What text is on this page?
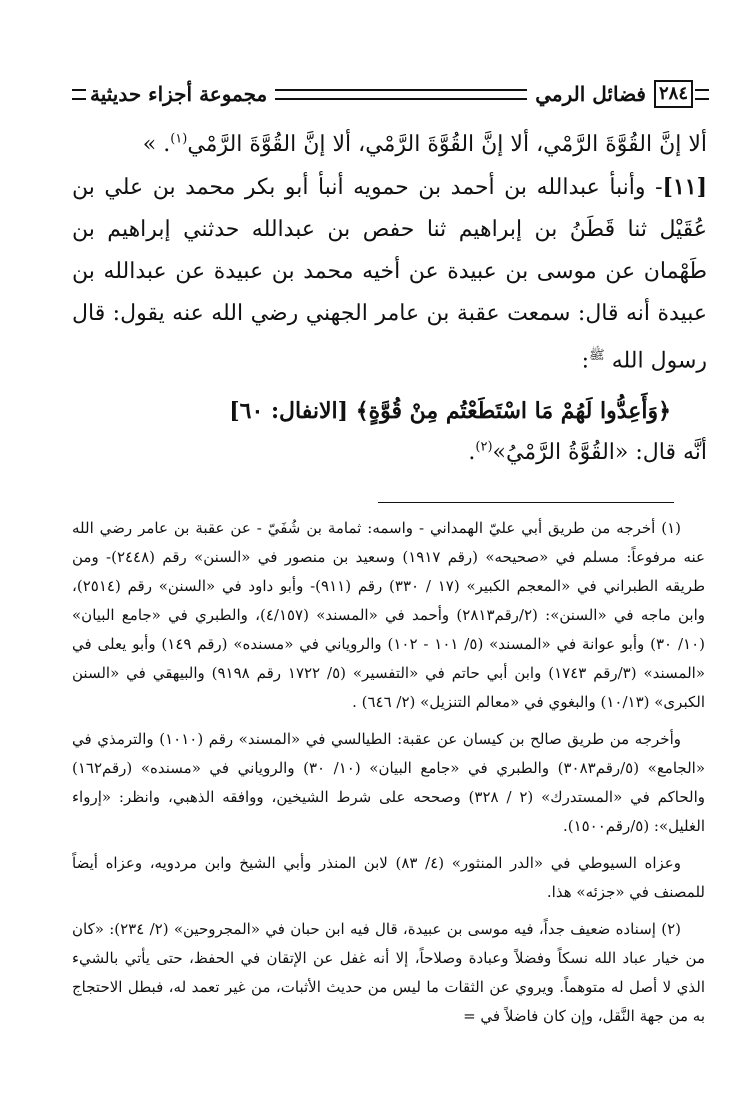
٢٨٤
فضائل الرمي
مجموعة أجزاء حديثية

ألا إنَّ القُوَّةَ الرَّمْي، ألا إنَّ القُوَّةَ الرَّمْي، ألا إنَّ القُوَّةَ الرَّمْي$^{(١)}$. »

[١١]- وأنبأ عبدالله بن أحمد بن حمويه أنبأ أبو بكر محمد بن علي بن عُقَيْل ثنا قَطَنُ بن إبراهيم ثنا حفص بن عبدالله حدثني إبراهيم بن طَهْمان عن موسى بن عبيدة عن أخيه محمد بن عبيدة عن عبدالله بن عبيدة أنه قال: سمعت عقبة بن عامر الجهني رضي الله عنه يقول: قال رسول الله $^ﷺ$:

﴿وَأَعِدُّوا لَهُمْ مَا اسْتَطَعْتُم مِنْ قُوَّةٍ﴾ [الانفال: ٦٠]

أنَّه قال: «القُوَّةُ الرَّمْيُ»$^{(٢)}$.

(١) أخرجه من طريق أبي عليّ الهمداني - واسمه: ثمامة بن شُفَيّ - عن عقبة بن عامر رضي الله عنه مرفوعاً: مسلم في «صحيحه» (رقم ١٩١٧) وسعيد بن منصور في «السنن» رقم (٢٤٤٨)- ومن طريقه الطبراني في «المعجم الكبير» (١٧ / ٣٣٠) رقم (٩١١)- وأبو داود في «السنن» رقم (٢٥١٤)، وابن ماجه في «السنن»: (٢/رقم٢٨١٣) وأحمد في «المسند» (٤/١٥٧)، والطبري في «جامع البيان» (١٠/ ٣٠) وأبو عوانة في «المسند» (٥/ ١٠١ - ١٠٢) والروياني في «مسنده» (رقم ١٤٩) وأبو يعلى في «المسند» (٣/رقم ١٧٤٣) وابن أبي حاتم في «التفسير» (٥/ ١٧٢٢ رقم ٩١٩٨) والبيهقي في «السنن الكبرى» (١٠/١٣) والبغوي في «معالم التنزيل» (٢/ ٦٤٦) .

وأخرجه من طريق صالح بن كيسان عن عقبة: الطيالسي في «المسند» رقم (١٠١٠) والترمذي في «الجامع» (٥/رقم٣٠٨٣) والطبري في «جامع البيان» (١٠/ ٣٠) والروياني في «مسنده» (رقم١٦٢) والحاكم في «المستدرك» (٢ / ٣٢٨) وصححه على شرط الشيخين، ووافقه الذهبي، وانظر: «إرواء الغليل»: (٥/رقم١٥٠٠).

وعزاه السيوطي في «الدر المنثور» (٤/ ٨٣) لابن المنذر وأبي الشيخ وابن مردويه، وعزاه أيضاً للمصنف في «جزئه» هذا.

(٢) إسناده ضعيف جداً، فيه موسى بن عبيدة، قال فيه ابن حبان في «المجروحين» (٢/ ٢٣٤): «كان من خيار عباد الله نسكاً وفضلاً وعبادة وصلاحاً، إلا أنه غفل عن الإتقان في الحفظ، حتى يأتي بالشيء الذي لا أصل له متوهماً. ويروي عن الثقات ما ليس من حديث الأثبات، من غير تعمد له، فبطل الاحتجاج به من جهة النَّقل، وإن كان فاضلاً في =
